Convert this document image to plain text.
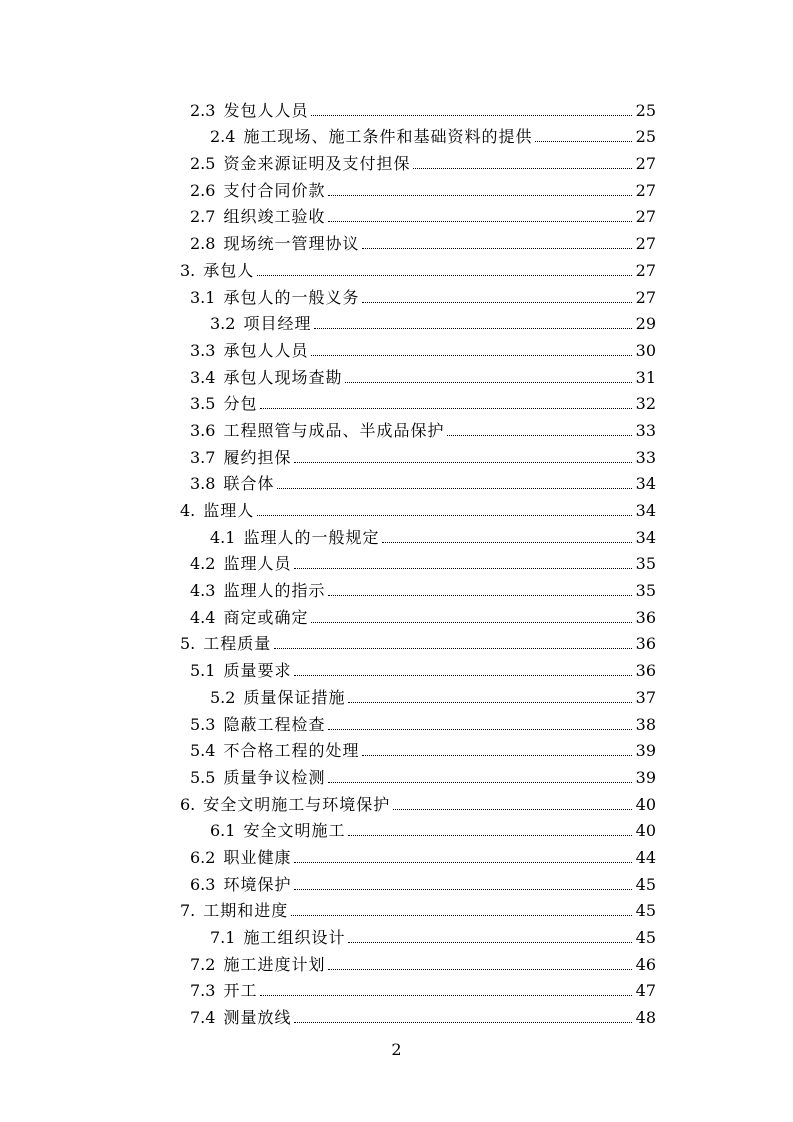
2.3 发包人人员	25
2.4 施工现场、施工条件和基础资料的提供	25
2.5 资金来源证明及支付担保	27
2.6 支付合同价款	27
2.7 组织竣工验收	27
2.8 现场统一管理协议	27
3. 承包人	27
3.1 承包人的一般义务	27
3.2 项目经理	29
3.3 承包人人员	30
3.4 承包人现场查勘	31
3.5 分包	32
3.6 工程照管与成品、半成品保护	33
3.7 履约担保	33
3.8 联合体	34
4. 监理人	34
4.1 监理人的一般规定	34
4.2 监理人员	35
4.3 监理人的指示	35
4.4 商定或确定	36
5. 工程质量	36
5.1 质量要求	36
5.2 质量保证措施	37
5.3 隐蔽工程检查	38
5.4 不合格工程的处理	39
5.5 质量争议检测	39
6. 安全文明施工与环境保护	40
6.1 安全文明施工	40
6.2 职业健康	44
6.3 环境保护	45
7. 工期和进度	45
7.1 施工组织设计	45
7.2 施工进度计划	46
7.3 开工	47
7.4 测量放线	48
2
